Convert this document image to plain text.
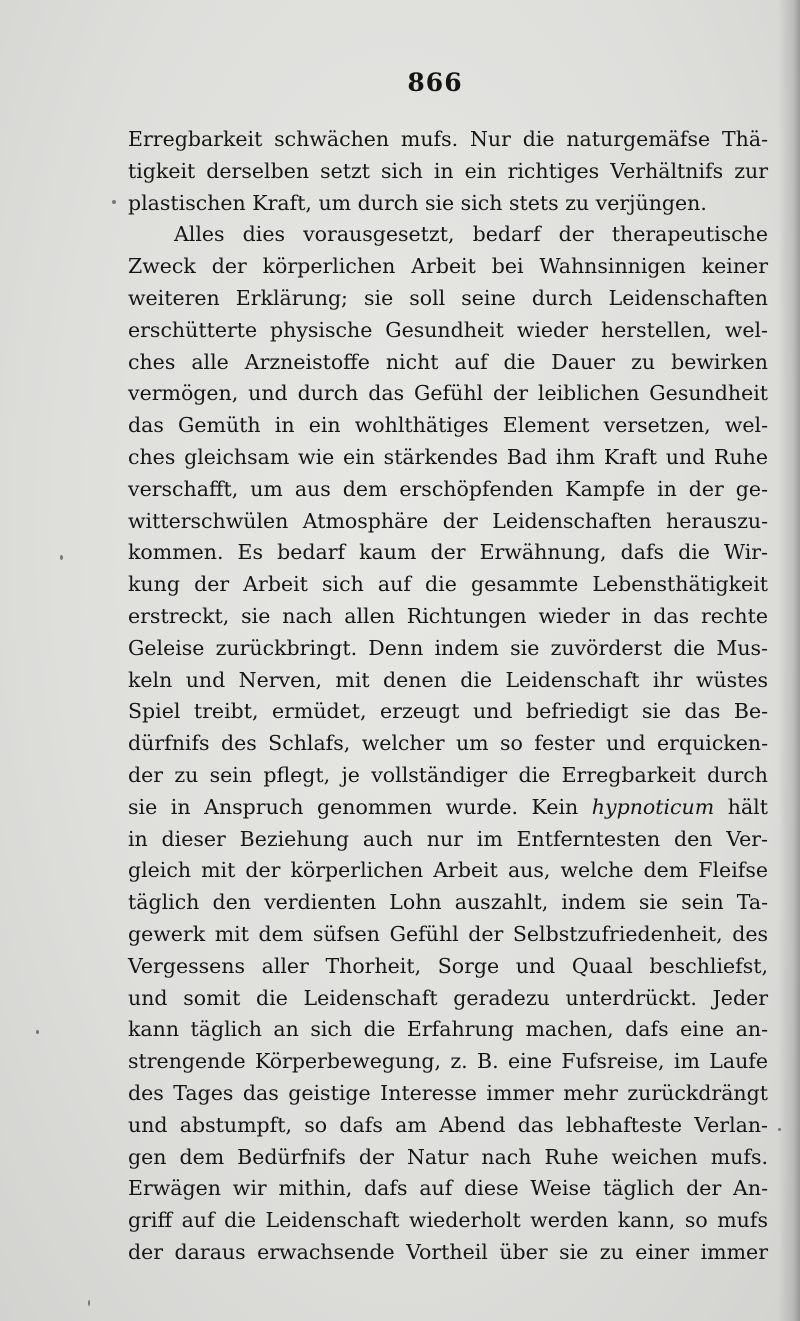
866
Erregbarkeit schwächen mufs. Nur die naturgemäfse Thä-
tigkeit derselben setzt sich in ein richtiges Verhältnifs zur
plastischen Kraft, um durch sie sich stets zu verjüngen.
Alles dies vorausgesetzt, bedarf der therapeutische
Zweck der körperlichen Arbeit bei Wahnsinnigen keiner
weiteren Erklärung; sie soll seine durch Leidenschaften
erschütterte physische Gesundheit wieder herstellen, wel-
ches alle Arzneistoffe nicht auf die Dauer zu bewirken
vermögen, und durch das Gefühl der leiblichen Gesundheit
das Gemüth in ein wohlthätiges Element versetzen, wel-
ches gleichsam wie ein stärkendes Bad ihm Kraft und Ruhe
verschafft, um aus dem erschöpfenden Kampfe in der ge-
witterschwülen Atmosphäre der Leidenschaften herauszu-
kommen. Es bedarf kaum der Erwähnung, dafs die Wir-
kung der Arbeit sich auf die gesammte Lebensthätigkeit
erstreckt, sie nach allen Richtungen wieder in das rechte
Geleise zurückbringt. Denn indem sie zuvörderst die Mus-
keln und Nerven, mit denen die Leidenschaft ihr wüstes
Spiel treibt, ermüdet, erzeugt und befriedigt sie das Be-
dürfnifs des Schlafs, welcher um so fester und erquicken-
der zu sein pflegt, je vollständiger die Erregbarkeit durch
sie in Anspruch genommen wurde. Kein hypnoticum hält
in dieser Beziehung auch nur im Entferntesten den Ver-
gleich mit der körperlichen Arbeit aus, welche dem Fleifse
täglich den verdienten Lohn auszahlt, indem sie sein Ta-
gewerk mit dem süfsen Gefühl der Selbstzufriedenheit, des
Vergessens aller Thorheit, Sorge und Quaal beschliefst,
und somit die Leidenschaft geradezu unterdrückt. Jeder
kann täglich an sich die Erfahrung machen, dafs eine an-
strengende Körperbewegung, z. B. eine Fufsreise, im Laufe
des Tages das geistige Interesse immer mehr zurückdrängt
und abstumpft, so dafs am Abend das lebhafteste Verlan-
gen dem Bedürfnifs der Natur nach Ruhe weichen mufs.
Erwägen wir mithin, dafs auf diese Weise täglich der An-
griff auf die Leidenschaft wiederholt werden kann, so mufs
der daraus erwachsende Vortheil über sie zu einer immer
